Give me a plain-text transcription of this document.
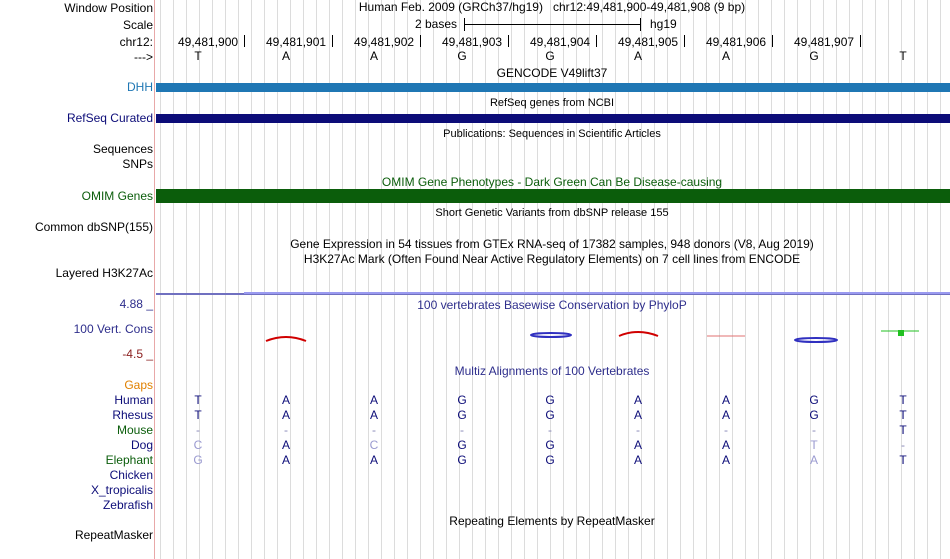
Window Position	Human Feb. 2009 (GRCh37/hg19)   chr12:49,481,900-49,481,908 (9 bp)
Scale	2 bases	hg19
chr12: 49,481,900 49,481,901 49,481,902 49,481,903 49,481,904 49,481,905 49,481,906 49,481,907
--->	T	A	A	G	G	A	A	G	T
GENCODE V49lift37
DHH
RefSeq genes from NCBI
RefSeq Curated
Publications: Sequences in Scientific Articles
Sequences
SNPs
OMIM Gene Phenotypes - Dark Green Can Be Disease-causing
OMIM Genes
Short Genetic Variants from dbSNP release 155
Common dbSNP(155)
Gene Expression in 54 tissues from GTEx RNA-seq of 17382 samples, 948 donors (V8, Aug 2019)
H3K27Ac Mark (Often Found Near Active Regulatory Elements) on 7 cell lines from ENCODE
Layered H3K27Ac
100 vertebrates Basewise Conservation by PhyloP
4.88 _
100 Vert. Cons
-4.5 _
Multiz Alignments of 100 Vertebrates
Gaps
Human	T	A	A	G	G	A	A	G	T
Rhesus	T	A	A	G	G	A	A	G	T
Mouse	-	-	-	-	-	-	-	-	T
Dog	C	A	C	G	G	A	A	T	-
Elephant	G	A	A	G	G	A	A	A	T
Chicken
X_tropicalis
Zebrafish
Repeating Elements by RepeatMasker
RepeatMasker
